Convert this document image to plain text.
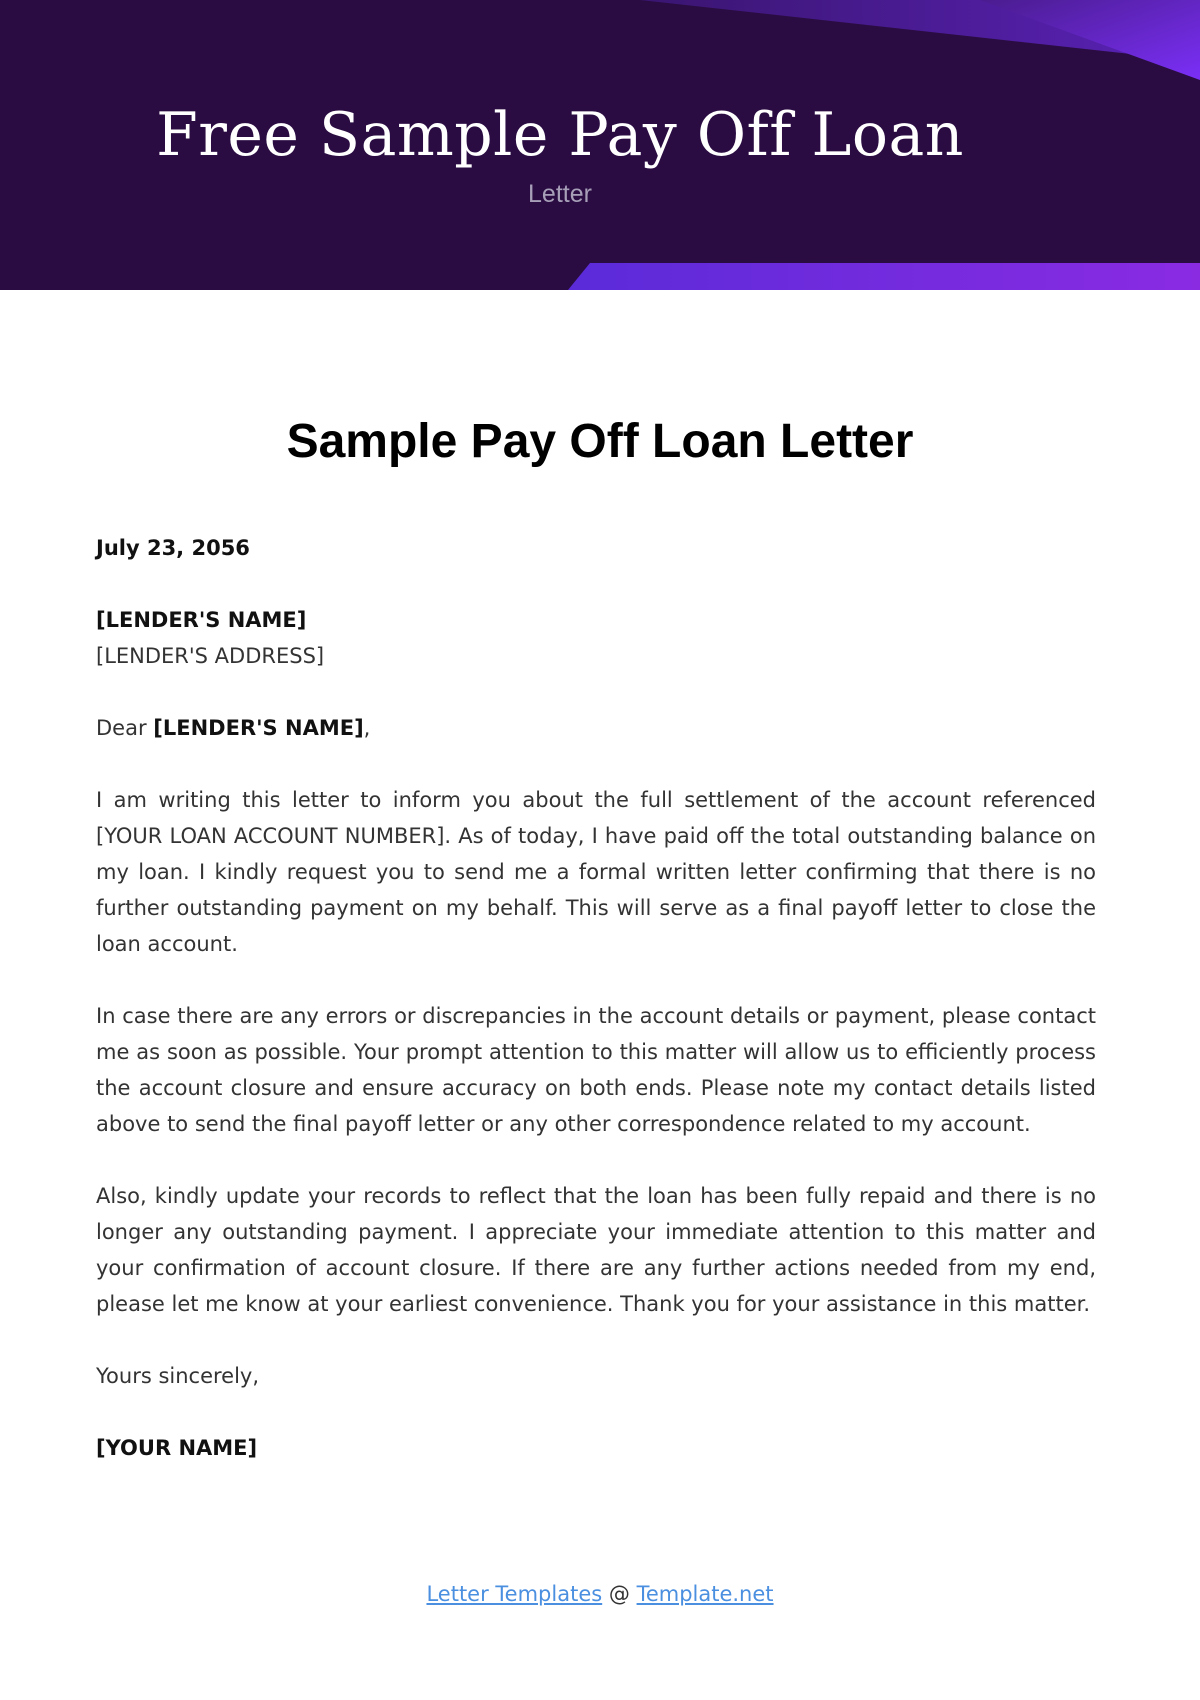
Free Sample Pay Off Loan
Letter
Sample Pay Off Loan Letter
July 23, 2056
[LENDER'S NAME]
[LENDER'S ADDRESS]
Dear [LENDER'S NAME],

I am writing this letter to inform you about the full settlement of the account referenced [YOUR LOAN ACCOUNT NUMBER]. As of today, I have paid off the total outstanding balance on my loan. I kindly request you to send me a formal written letter confirming that there is no further outstanding payment on my behalf. This will serve as a final payoff letter to close the loan account.

In case there are any errors or discrepancies in the account details or payment, please contact me as soon as possible. Your prompt attention to this matter will allow us to efficiently process the account closure and ensure accuracy on both ends. Please note my contact details listed above to send the final payoff letter or any other correspondence related to my account.

Also, kindly update your records to reflect that the loan has been fully repaid and there is no longer any outstanding payment. I appreciate your immediate attention to this matter and your confirmation of account closure. If there are any further actions needed from my end, please let me know at your earliest convenience. Thank you for your assistance in this matter.

Yours sincerely,
[YOUR NAME]
Letter Templates @ Template.net
